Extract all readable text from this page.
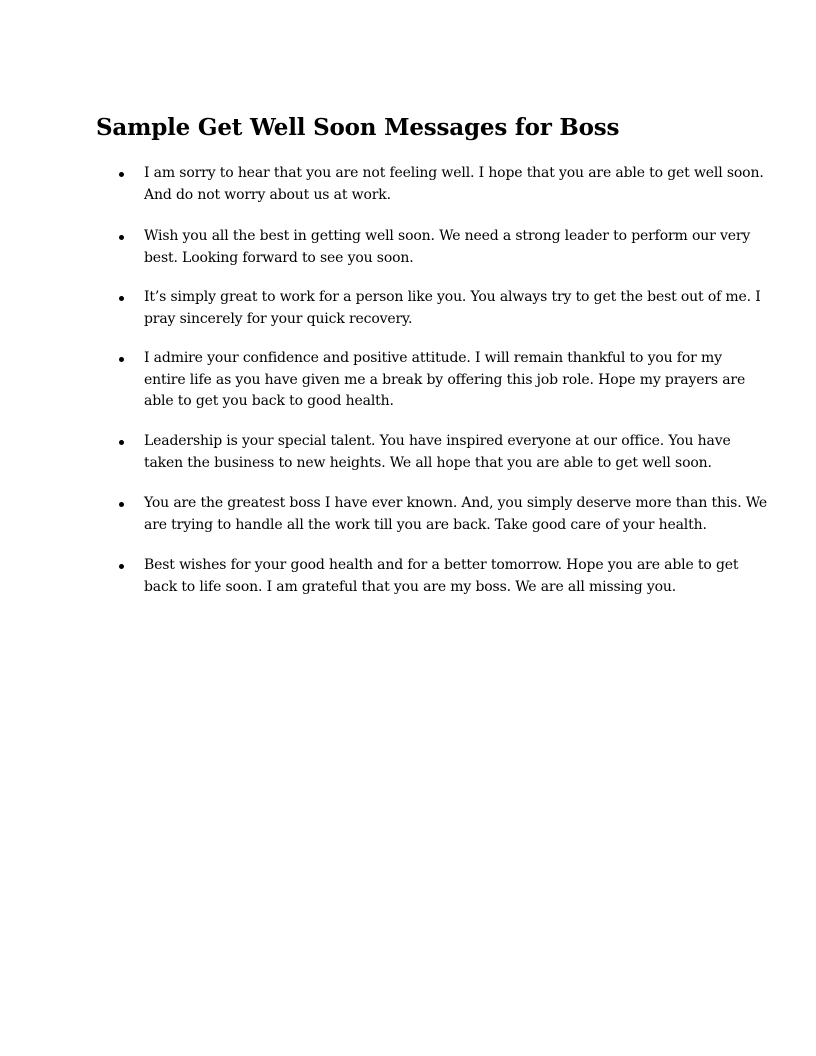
Sample Get Well Soon Messages for Boss
I am sorry to hear that you are not feeling well. I hope that you are able to get well soon.
And do not worry about us at work.
Wish you all the best in getting well soon. We need a strong leader to perform our very
best. Looking forward to see you soon.
It’s simply great to work for a person like you. You always try to get the best out of me. I
pray sincerely for your quick recovery.
I admire your confidence and positive attitude. I will remain thankful to you for my
entire life as you have given me a break by offering this job role. Hope my prayers are
able to get you back to good health.
Leadership is your special talent. You have inspired everyone at our office. You have
taken the business to new heights. We all hope that you are able to get well soon.
You are the greatest boss I have ever known. And, you simply deserve more than this. We
are trying to handle all the work till you are back. Take good care of your health.
Best wishes for your good health and for a better tomorrow. Hope you are able to get
back to life soon. I am grateful that you are my boss. We are all missing you.
